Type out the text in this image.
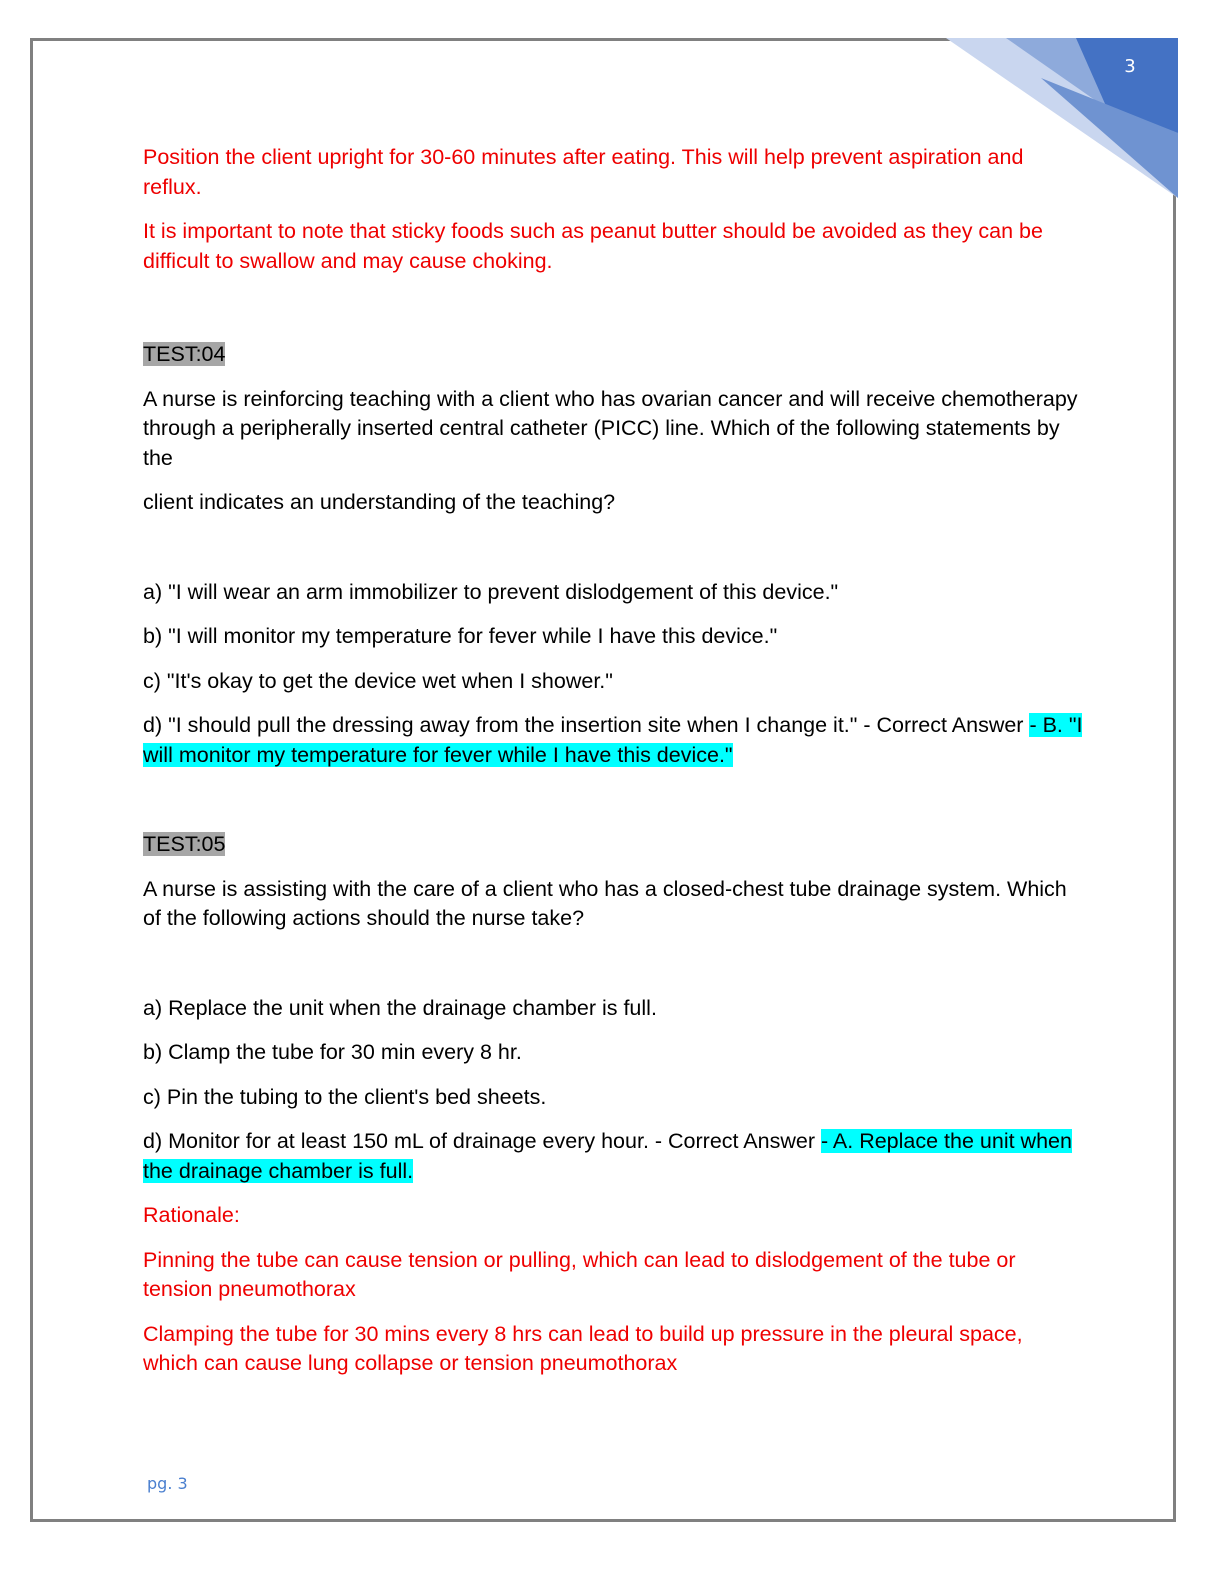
3

Position the client upright for 30-60 minutes after eating. This will help prevent aspiration and reflux.

It is important to note that sticky foods such as peanut butter should be avoided as they can be difficult to swallow and may cause choking.

TEST:04

A nurse is reinforcing teaching with a client who has ovarian cancer and will receive chemotherapy through a peripherally inserted central catheter (PICC) line. Which of the following statements by the

client indicates an understanding of the teaching?

a) "I will wear an arm immobilizer to prevent dislodgement of this device."

b) "I will monitor my temperature for fever while I have this device."

c) "It's okay to get the device wet when I shower."

d) "I should pull the dressing away from the insertion site when I change it." - Correct Answer - B. "I will monitor my temperature for fever while I have this device."

TEST:05

A nurse is assisting with the care of a client who has a closed-chest tube drainage system. Which of the following actions should the nurse take?

a) Replace the unit when the drainage chamber is full.

b) Clamp the tube for 30 min every 8 hr.

c) Pin the tubing to the client's bed sheets.

d) Monitor for at least 150 mL of drainage every hour. - Correct Answer - A. Replace the unit when the drainage chamber is full.

Rationale:

Pinning the tube can cause tension or pulling, which can lead to dislodgement of the tube or tension pneumothorax

Clamping the tube for 30 mins every 8 hrs can lead to build up pressure in the pleural space, which can cause lung collapse or tension pneumothorax

pg. 3
